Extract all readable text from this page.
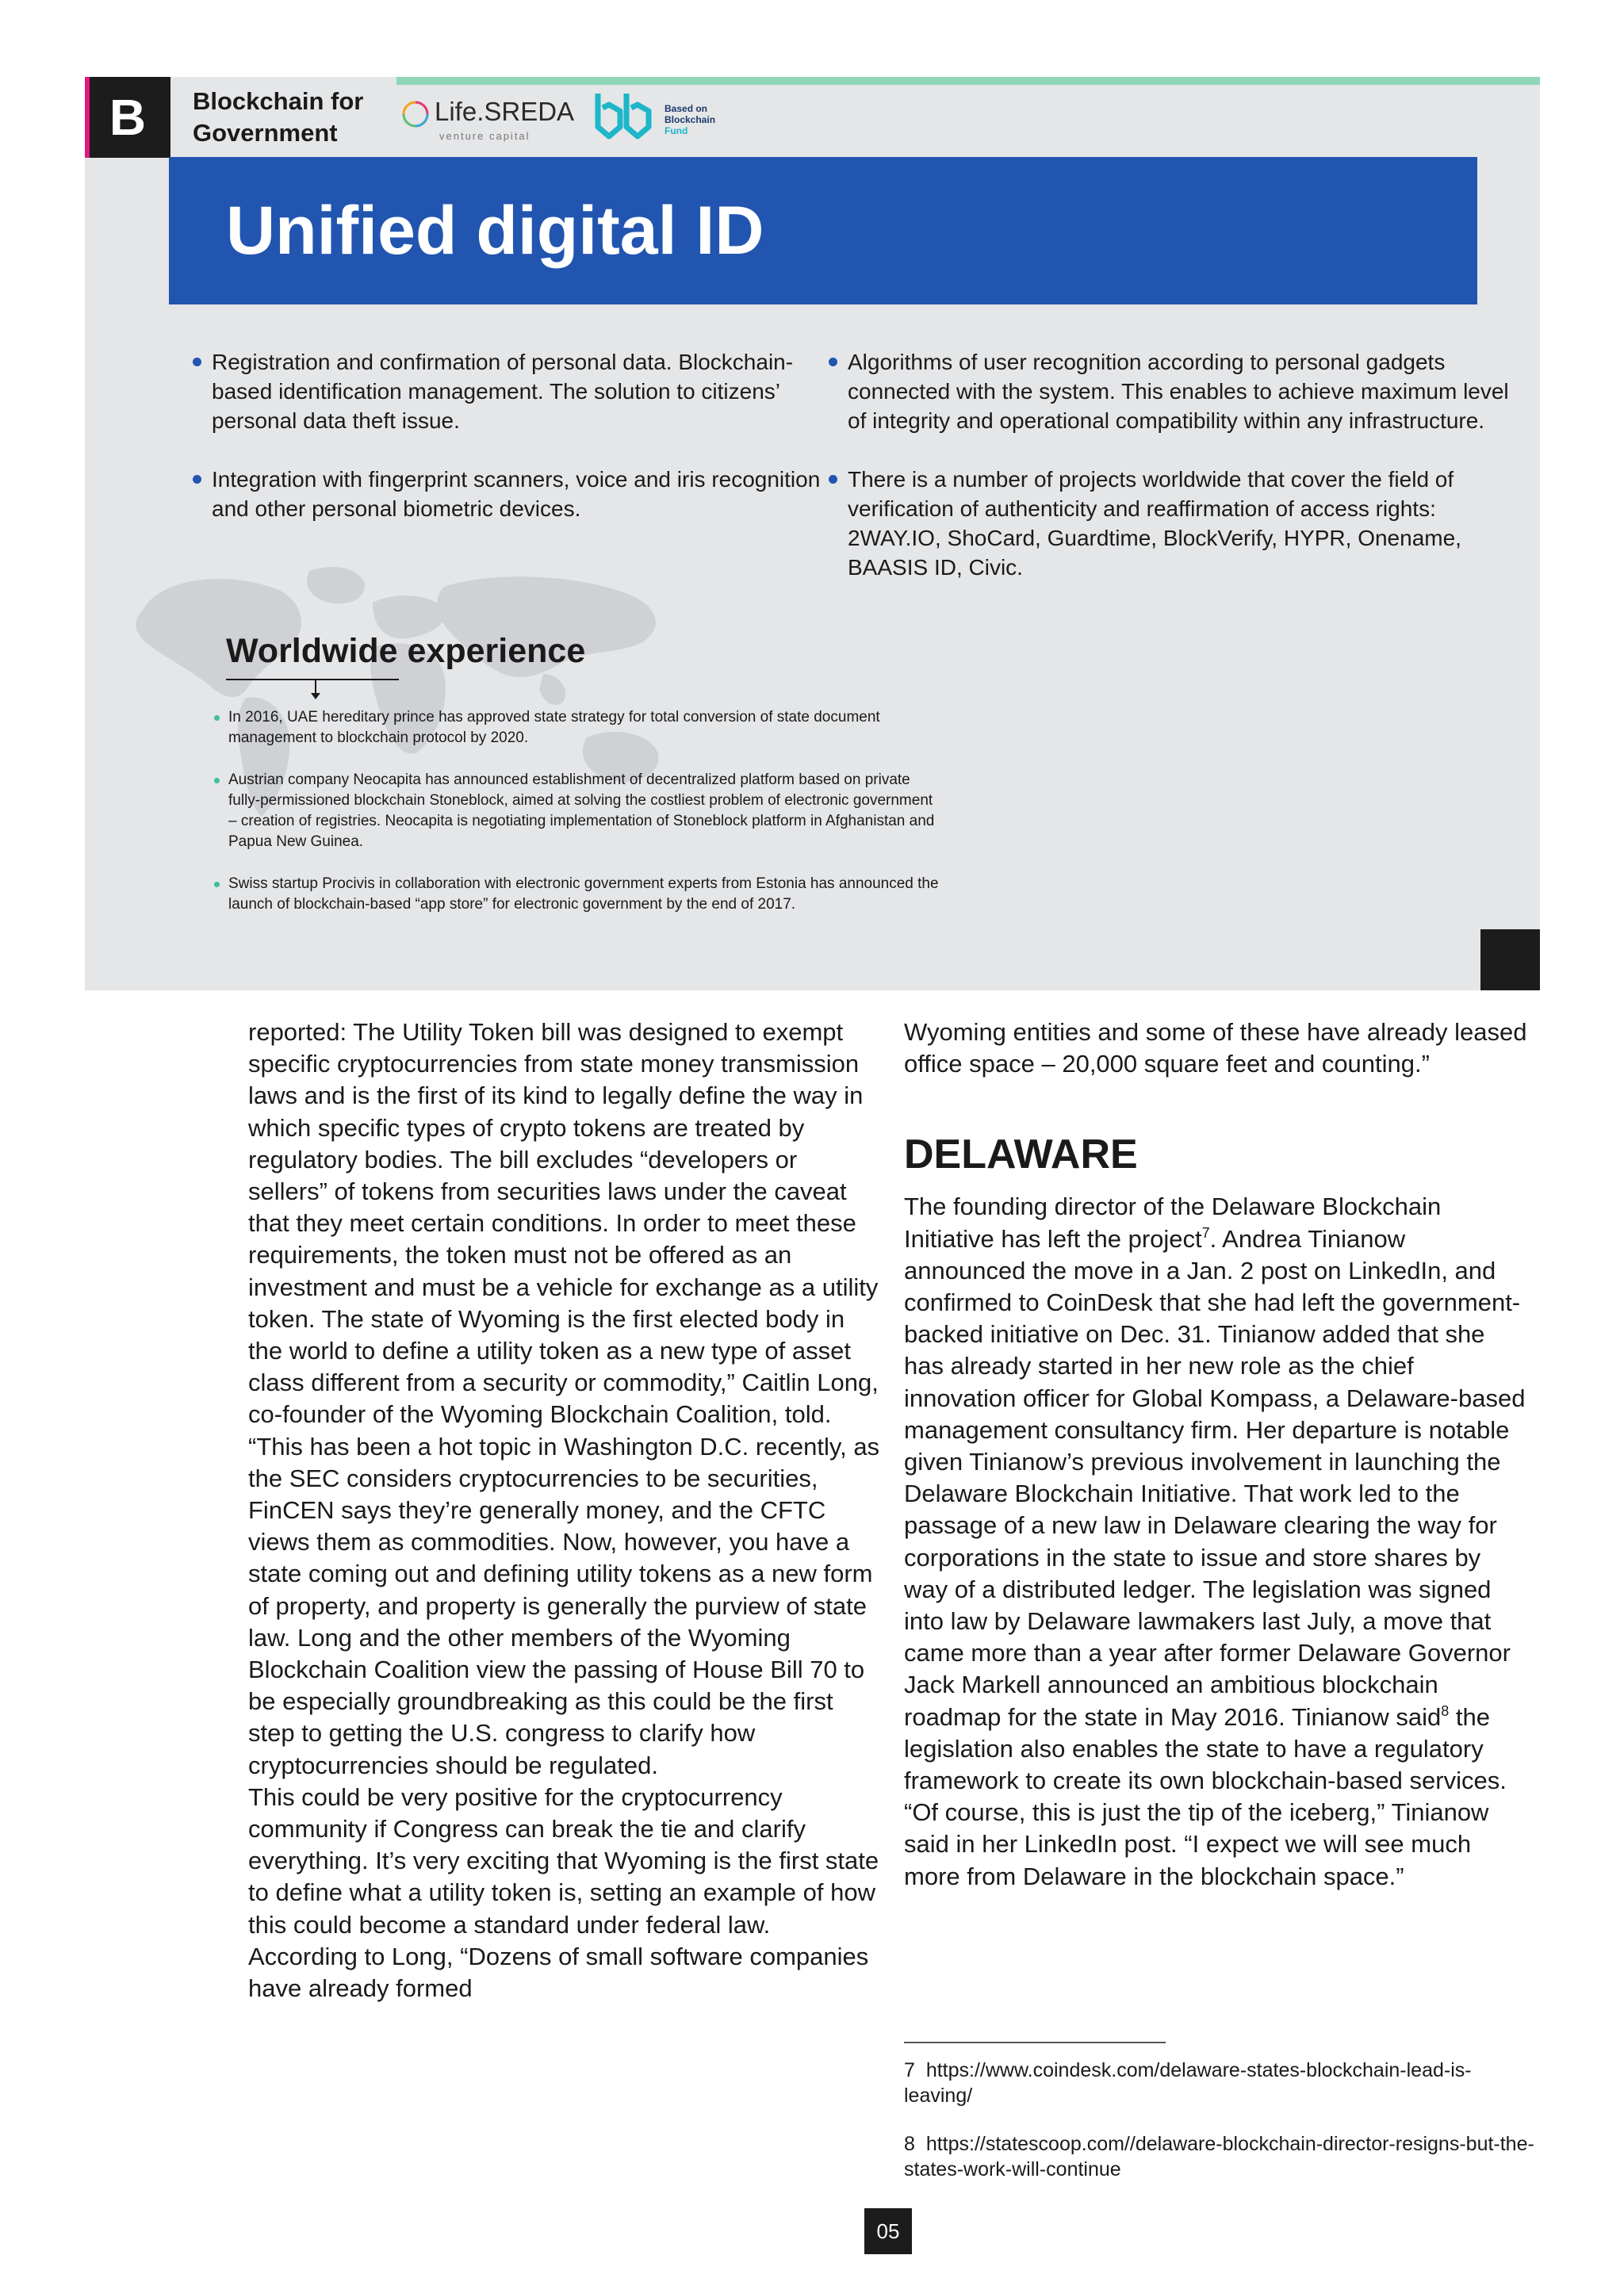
B	Blockchain for
Government
Life.SREDA
venture capital
Based on
Blockchain
Fund
Unified digital ID
Registration and confirmation of personal data. Blockchain-based identification management. The solution to citizens’ personal data theft issue.
Integration with fingerprint scanners, voice and iris recognition and other personal biometric devices.
Algorithms of user recognition according to personal gadgets connected with the system. This enables to achieve maximum level of integrity and operational compatibility within any infrastructure.
There is a number of projects worldwide that cover the field of verification of authenticity and reaffirmation of access rights: 2WAY.IO, ShoCard, Guardtime, BlockVerify, HYPR, Onename, BAASIS ID, Civic.
Worldwide experience
In 2016, UAE hereditary prince has approved state strategy for total conversion of state document management to blockchain protocol by 2020.
Austrian company Neocapita has announced establishment of decentralized platform based on private fully-permissioned blockchain Stoneblock, aimed at solving the costliest problem of electronic government – creation of registries. Neocapita is negotiating implementation of Stoneblock platform in Afghanistan and Papua New Guinea.
Swiss startup Procivis in collaboration with electronic government experts from Estonia has announced the launch of blockchain-based “app store” for electronic government by the end of 2017.

reported: The Utility Token bill was designed to exempt specific cryptocurrencies from state money transmission laws and is the first of its kind to legally define the way in which specific types of crypto tokens are treated by regulatory bodies. The bill excludes “developers or sellers” of tokens from securities laws under the caveat that they meet certain conditions. In order to meet these requirements, the token must not be offered as an investment and must be a vehicle for exchange as a utility token. The state of Wyoming is the first elected body in the world to define a utility token as a new type of asset class different from a security or commodity,” Caitlin Long, co-founder of the Wyoming Blockchain Coalition, told. “This has been a hot topic in Washington D.C. recently, as the SEC considers cryptocurrencies to be securities, FinCEN says they’re generally money, and the CFTC views them as commodities. Now, however, you have a state coming out and defining utility tokens as a new form of property, and property is generally the purview of state law. Long and the other members of the Wyoming Blockchain Coalition view the passing of House Bill 70 to be especially groundbreaking as this could be the first step to getting the U.S. congress to clarify how cryptocurrencies should be regulated.

This could be very positive for the cryptocurrency community if Congress can break the tie and clarify everything. It’s very exciting that Wyoming is the first state to define what a utility token is, setting an example of how this could become a standard under federal law. According to Long, “Dozens of small software companies have already formed

Wyoming entities and some of these have already leased office space – 20,000 square feet and counting.”

DELAWARE

The founding director of the Delaware Blockchain Initiative has left the project$^7$. Andrea Tinianow announced the move in a Jan. 2 post on LinkedIn, and confirmed to CoinDesk that she had left the government-backed initiative on Dec. 31. Tinianow added that she has already started in her new role as the chief innovation officer for Global Kompass, a Delaware-based management consultancy firm. Her departure is notable given Tinianow’s previous involvement in launching the Delaware Blockchain Initiative. That work led to the passage of a new law in Delaware clearing the way for corporations in the state to issue and store shares by way of a distributed ledger. The legislation was signed into law by Delaware lawmakers last July, a move that came more than a year after former Delaware Governor Jack Markell announced an ambitious blockchain roadmap for the state in May 2016. Tinianow said$^8$ the legislation also enables the state to have a regulatory framework to create its own blockchain-based services. “Of course, this is just the tip of the iceberg,” Tinianow said in her LinkedIn post. “I expect we will see much more from Delaware in the blockchain space.”

7 https://www.coindesk.com/delaware-states-blockchain-lead-is-leaving/
8 https://statescoop.com//delaware-blockchain-director-resigns-but-the-states-work-will-continue
05
